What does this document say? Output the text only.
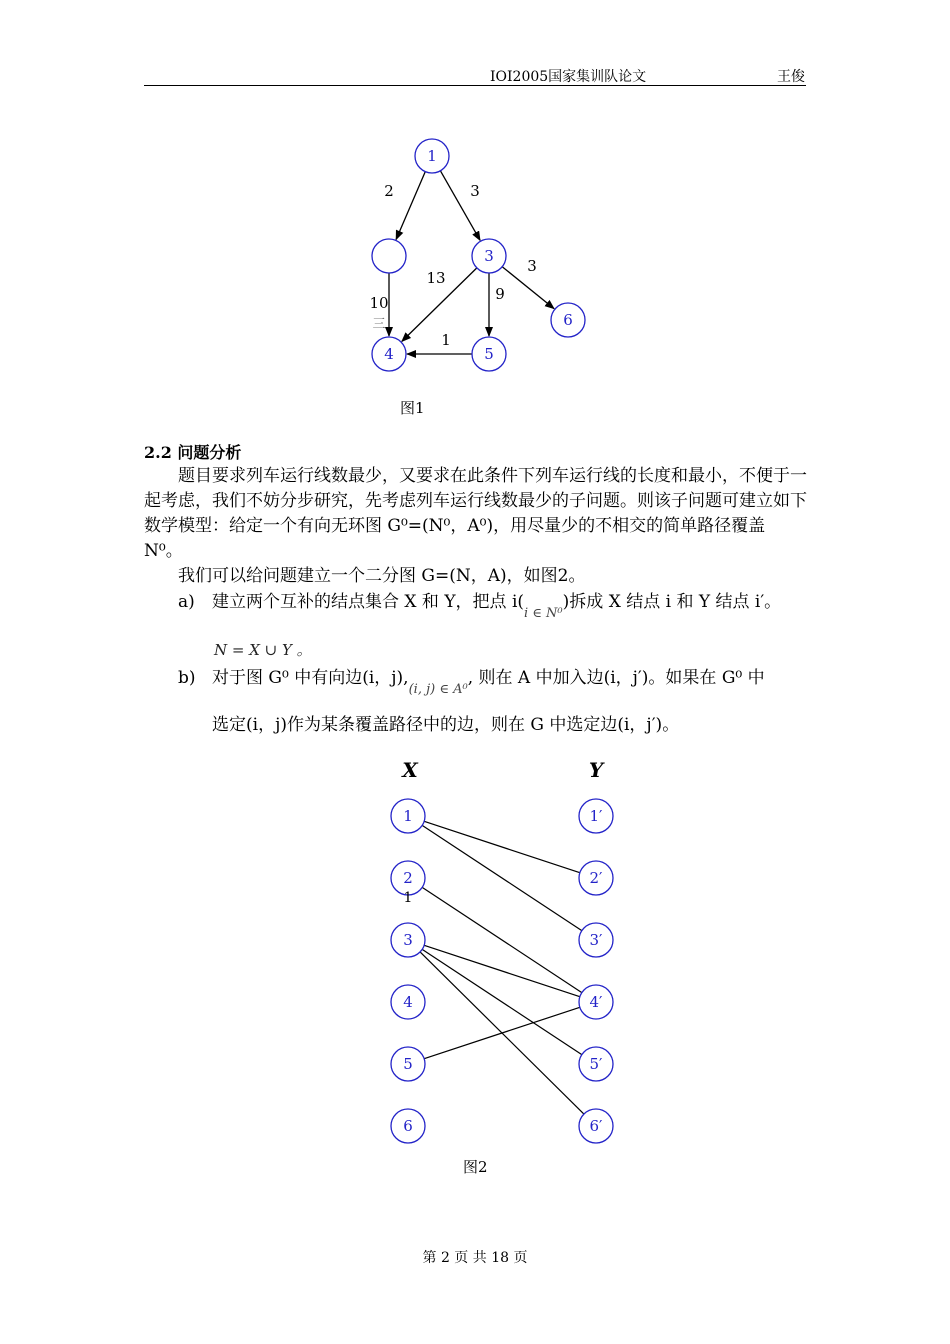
IOI2005国家集训队论文	王俊
1
3
4	5
6
2	3
3
13
9
10
1
三
图1
2.2 问题分析
题目要求列车运行线数最少，又要求在此条件下列车运行线的长度和最小，不便于一起考虑，我们不妨分步研究，先考虑列车运行线数最少的子问题。则该子问题可建立如下数学模型：给定一个有向无环图 G⁰=(N⁰，A⁰)，用尽量少的不相交的简单路径覆盖 N⁰。
我们可以给问题建立一个二分图 G=(N，A)，如图2。
a) 建立两个互补的结点集合 X 和 Y，把点 $i(_{i \in N^0})$拆成 X 结点 i 和 Y 结点 i′。
N = X ∪ Y 。
b) 对于图 G⁰ 中有向边(i，$j),_{(i, j) \in A^0}$, 则在 A 中加入边(i，j′)。如果在 G⁰ 中
选定(i，j)作为某条覆盖路径中的边，则在 G 中选定边(i，j′)。
X	Y
1
2
3
4
5
6
1′
2′
3′
4′
5′
6′
1
图2
第 2 页 共 18 页
